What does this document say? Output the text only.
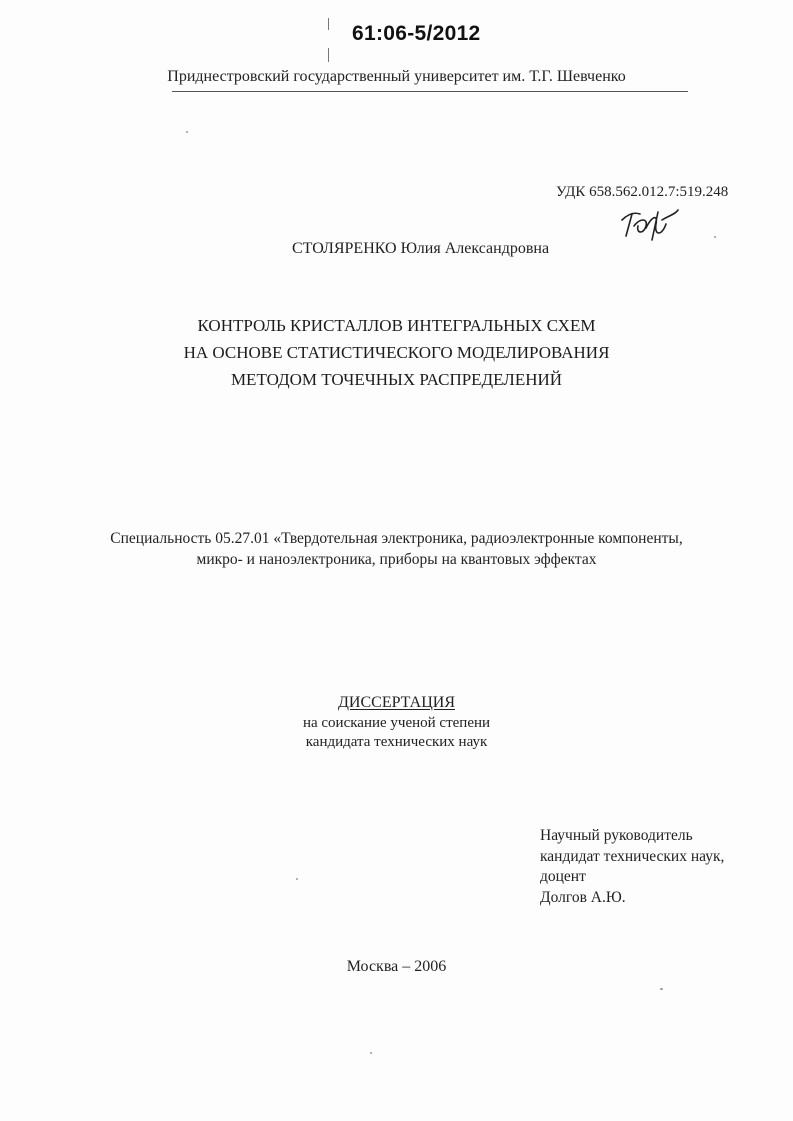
61:06-5/2012
Приднестровский государственный университет им. Т.Г. Шевченко
УДК 658.562.012.7:519.248
СТОЛЯРЕНКО Юлия Александровна
КОНТРОЛЬ КРИСТАЛЛОВ ИНТЕГРАЛЬНЫХ СХЕМ
НА ОСНОВЕ СТАТИСТИЧЕСКОГО МОДЕЛИРОВАНИЯ
МЕТОДОМ ТОЧЕЧНЫХ РАСПРЕДЕЛЕНИЙ
Специальность 05.27.01 «Твердотельная электроника, радиоэлектронные компоненты,
микро- и наноэлектроника, приборы на квантовых эффектах
ДИССЕРТАЦИЯ
на соискание ученой степени
кандидата технических наук
Научный руководитель
кандидат технических наук,
доцент
Долгов А.Ю.
Москва – 2006
